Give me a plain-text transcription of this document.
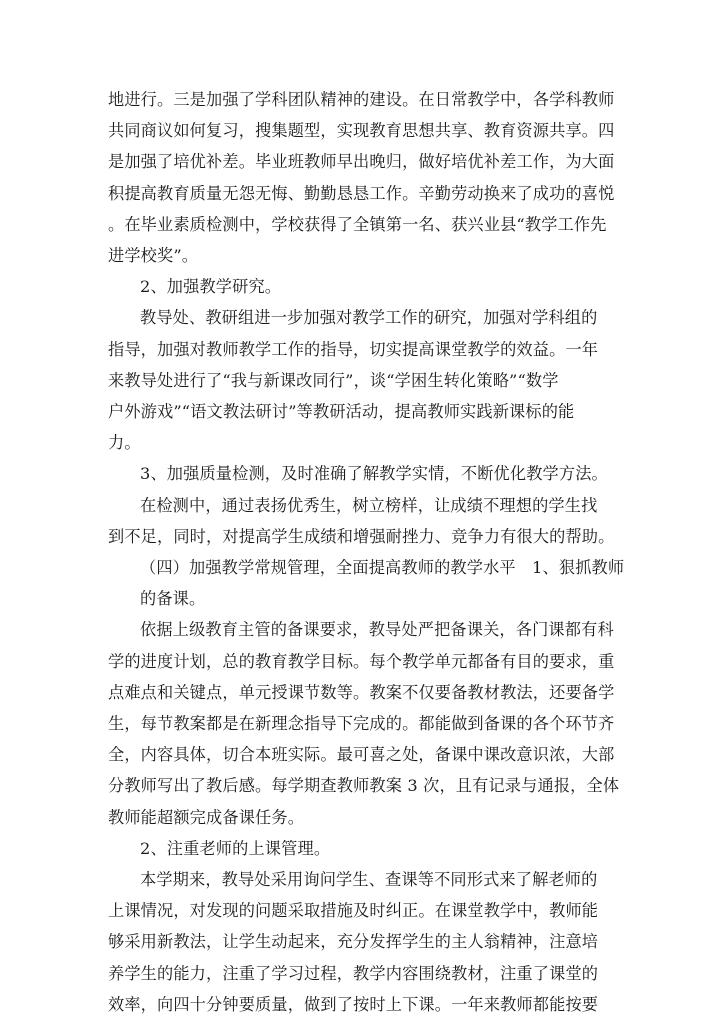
地进行。三是加强了学科团队精神的建设。在日常教学中，各学科教师
共同商议如何复习，搜集题型，实现教育思想共享、教育资源共享。四
是加强了培优补差。毕业班教师早出晚归，做好培优补差工作，为大面
积提高教育质量无怨无悔、勤勤恳恳工作。辛勤劳动换来了成功的喜悦
。在毕业素质检测中，学校获得了全镇第一名、获兴业县“教学工作先
进学校奖”。
2、加强教学研究。
教导处、教研组进一步加强对教学工作的研究，加强对学科组的
指导，加强对教师教学工作的指导，切实提高课堂教学的效益。一年
来教导处进行了“我与新课改同行”，谈“学困生转化策略”“数学
户外游戏”“语文教法研讨”等教研活动，提高教师实践新课标的能
力。
3、加强质量检测，及时准确了解教学实情，不断优化教学方法。
在检测中，通过表扬优秀生，树立榜样，让成绩不理想的学生找
到不足，同时，对提高学生成绩和增强耐挫力、竞争力有很大的帮助。
（四）加强教学常规管理，全面提高教师的教学水平　1、狠抓教师
的备课。
依据上级教育主管的备课要求，教导处严把备课关，各门课都有科
学的进度计划，总的教育教学目标。每个教学单元都备有目的要求，重
点难点和关键点，单元授课节数等。教案不仅要备教材教法，还要备学
生，每节教案都是在新理念指导下完成的。都能做到备课的各个环节齐
全，内容具体，切合本班实际。最可喜之处，备课中课改意识浓，大部
分教师写出了教后感。每学期查教师教案 3 次，且有记录与通报，全体
教师能超额完成备课任务。
2、注重老师的上课管理。
本学期来，教导处采用询问学生、查课等不同形式来了解老师的
上课情况，对发现的问题采取措施及时纠正。在课堂教学中，教师能
够采用新教法，让学生动起来，充分发挥学生的主人翁精神，注意培
养学生的能力，注重了学习过程，教学内容围绕教材，注重了课堂的
效率，向四十分钟要质量，做到了按时上下课。一年来教师都能按要
